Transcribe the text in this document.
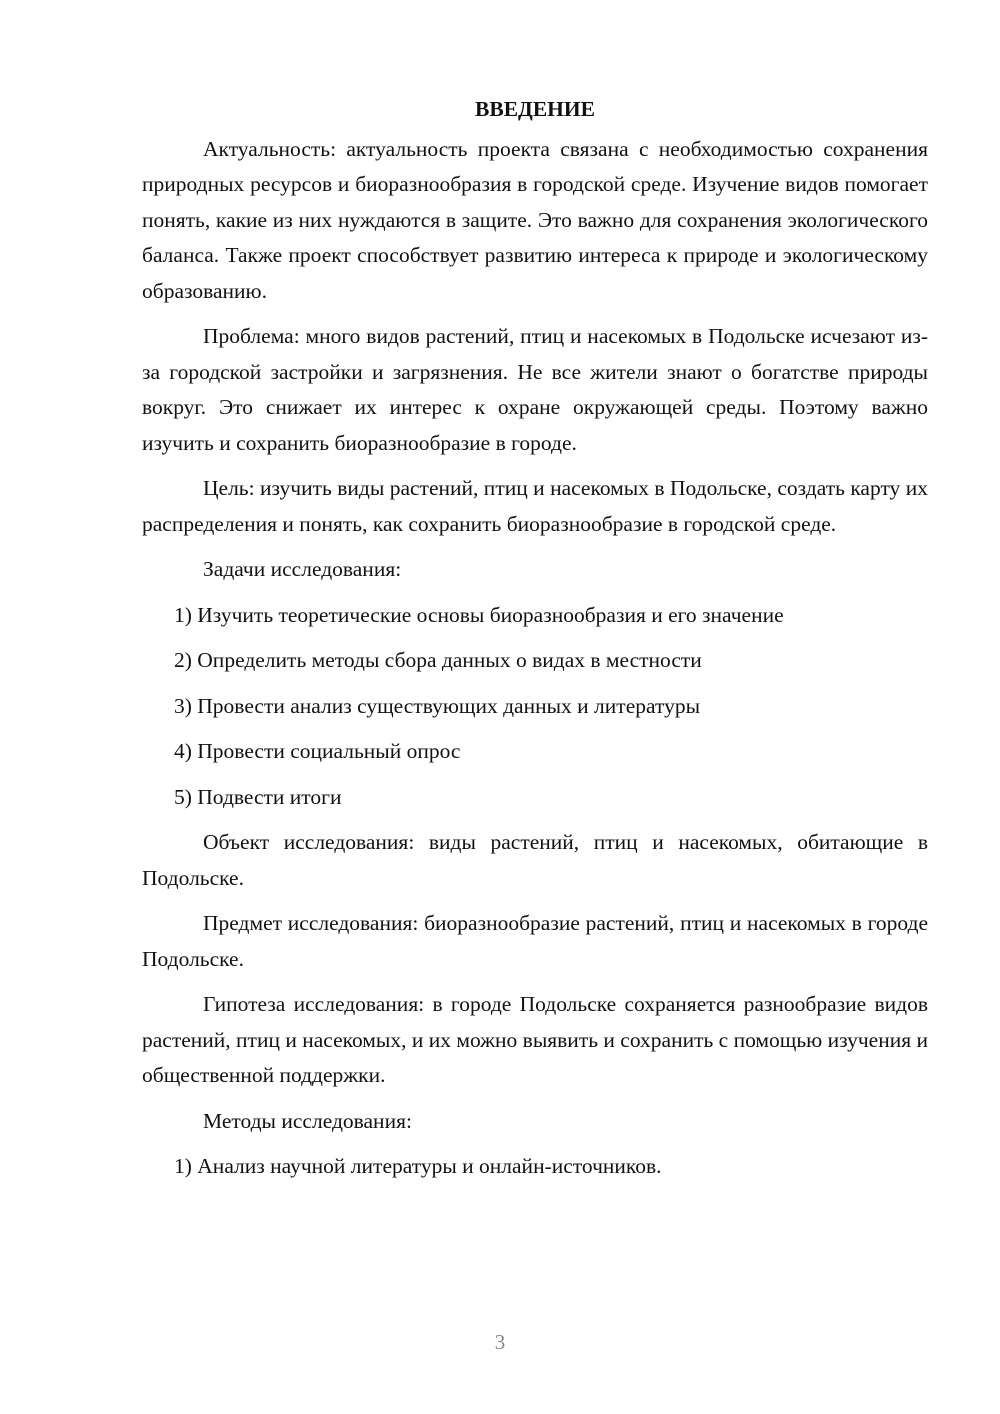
ВВЕДЕНИЕ

Актуальность: актуальность проекта связана с необходимостью сохранения природных ресурсов и биоразнообразия в городской среде. Изучение видов помогает понять, какие из них нуждаются в защите. Это важно для сохранения экологического баланса. Также проект способствует развитию интереса к природе и экологическому образованию.

Проблема: много видов растений, птиц и насекомых в Подольске исчезают из-за городской застройки и загрязнения. Не все жители знают о богатстве природы вокруг. Это снижает их интерес к охране окружающей среды. Поэтому важно изучить и сохранить биоразнообразие в городе.

Цель: изучить виды растений, птиц и насекомых в Подольске, создать карту их распределения и понять, как сохранить биоразнообразие в городской среде.

Задачи исследования:

1) Изучить теоретические основы биоразнообразия и его значение
2) Определить методы сбора данных о видах в местности
3) Провести анализ существующих данных и литературы
4) Провести социальный опрос
5) Подвести итоги

Объект исследования: виды растений, птиц и насекомых, обитающие в Подольске.

Предмет исследования: биоразнообразие растений, птиц и насекомых в городе Подольске.

Гипотеза исследования: в городе Подольске сохраняется разнообразие видов растений, птиц и насекомых, и их можно выявить и сохранить с помощью изучения и общественной поддержки.

Методы исследования:

1) Анализ научной литературы и онлайн-источников.
3
